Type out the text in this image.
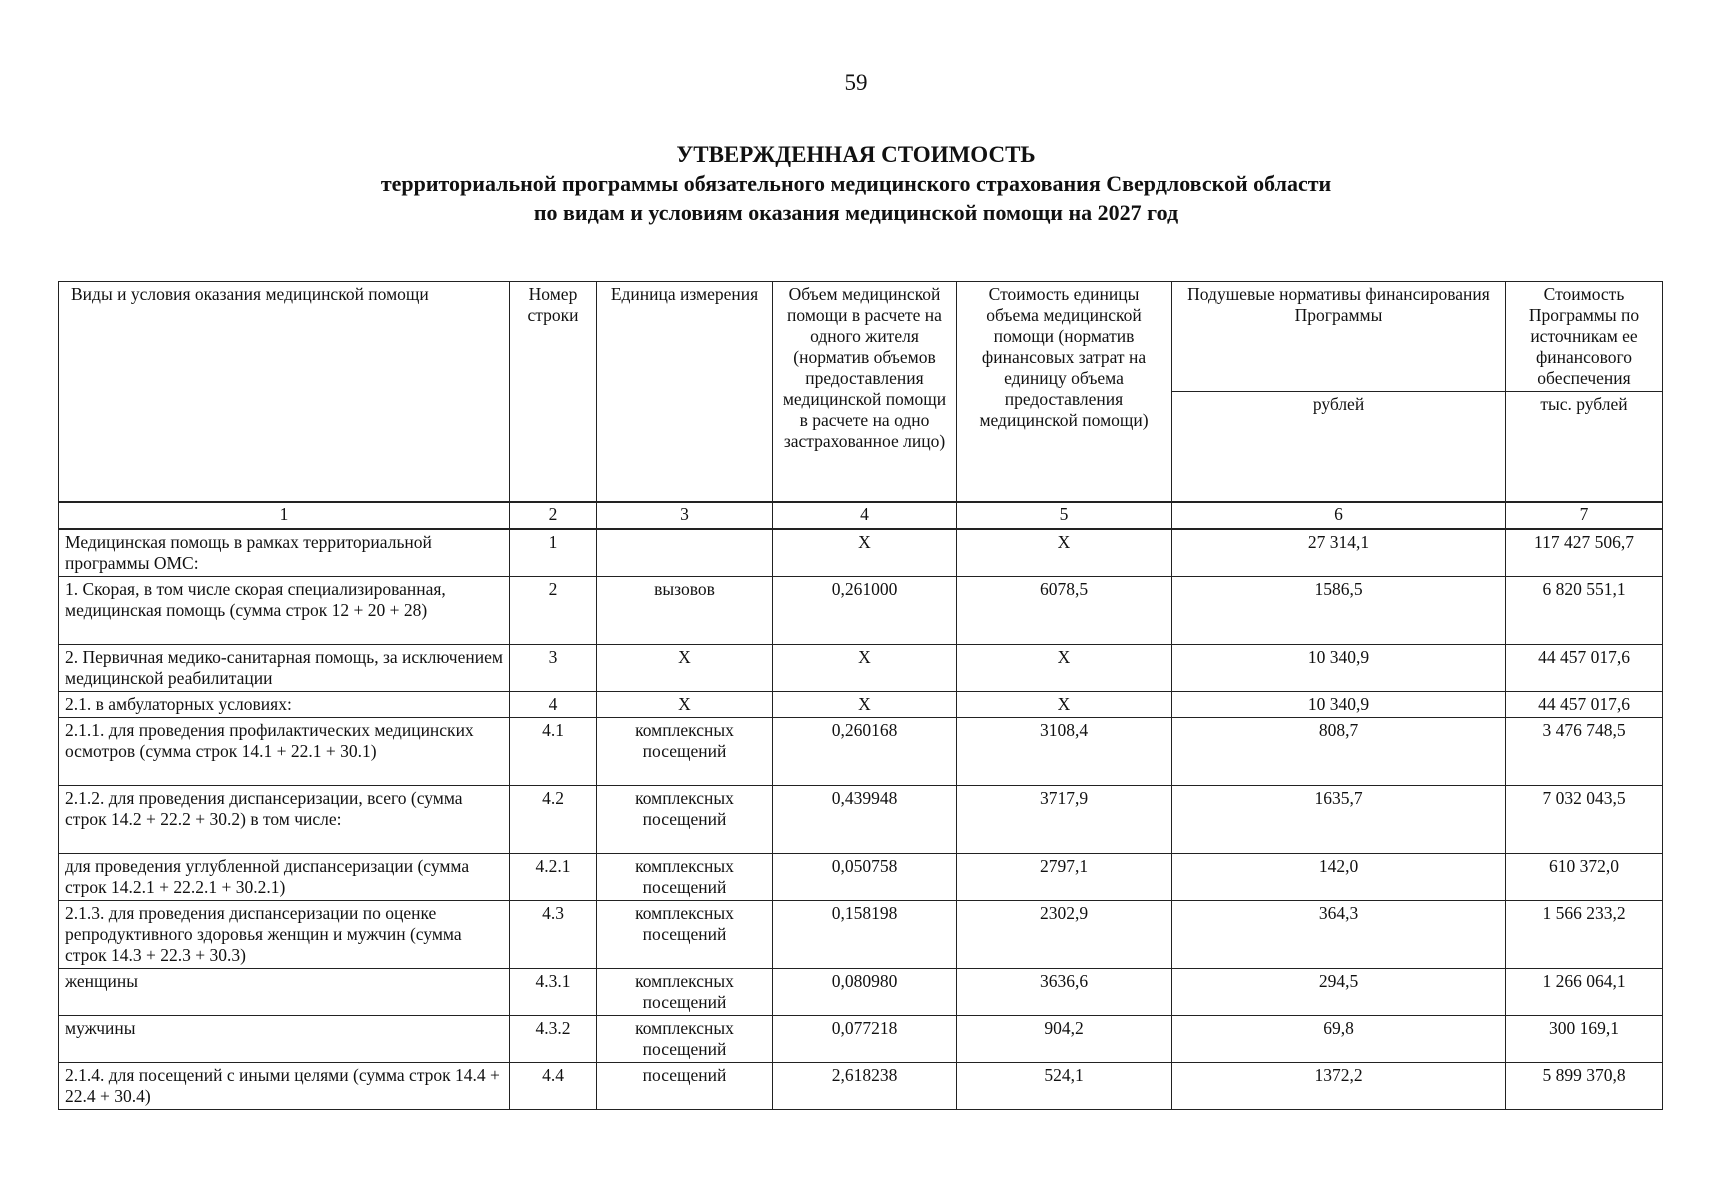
59
УТВЕРЖДЕННАЯ СТОИМОСТЬ
территориальной программы обязательного медицинского страхования Свердловской области
по видам и условиям оказания медицинской помощи на 2027 год
Виды и условия оказания медицинской помощи	Номер строки	Единица измерения	Объем медицинской помощи в расчете на одного жителя (норматив объемов предоставления медицинской помощи в расчете на одно застрахованное лицо)	Стоимость единицы объема медицинской помощи (норматив финансовых затрат на единицу объема предоставления медицинской помощи)	Подушевые нормативы финансирования Программы	Стоимость Программы по источникам ее финансового обеспечения
					рублей	тыс. рублей
1	2	3	4	5	6	7
Медицинская помощь в рамках территориальной программы ОМС:	1		Х	Х	27 314,1	117 427 506,7
1. Скорая, в том числе скорая специализированная, медицинская помощь (сумма строк 12 + 20 + 28)	2	вызовов	0,261000	6078,5	1586,5	6 820 551,1
2. Первичная медико-санитарная помощь, за исключением медицинской реабилитации	3	Х	Х	Х	10 340,9	44 457 017,6
2.1. в амбулаторных условиях:	4	Х	Х	Х	10 340,9	44 457 017,6
2.1.1. для проведения профилактических медицинских осмотров (сумма строк 14.1 + 22.1 + 30.1)	4.1	комплексных посещений	0,260168	3108,4	808,7	3 476 748,5
2.1.2. для проведения диспансеризации, всего (сумма строк 14.2 + 22.2 + 30.2) в том числе:	4.2	комплексных посещений	0,439948	3717,9	1635,7	7 032 043,5
для проведения углубленной диспансеризации (сумма строк 14.2.1 + 22.2.1 + 30.2.1)	4.2.1	комплексных посещений	0,050758	2797,1	142,0	610 372,0
2.1.3. для проведения диспансеризации по оценке репродуктивного здоровья женщин и мужчин (сумма строк 14.3 + 22.3 + 30.3)	4.3	комплексных посещений	0,158198	2302,9	364,3	1 566 233,2
женщины	4.3.1	комплексных посещений	0,080980	3636,6	294,5	1 266 064,1
мужчины	4.3.2	комплексных посещений	0,077218	904,2	69,8	300 169,1
2.1.4. для посещений с иными целями (сумма строк 14.4 + 22.4 + 30.4)	4.4	посещений	2,618238	524,1	1372,2	5 899 370,8
